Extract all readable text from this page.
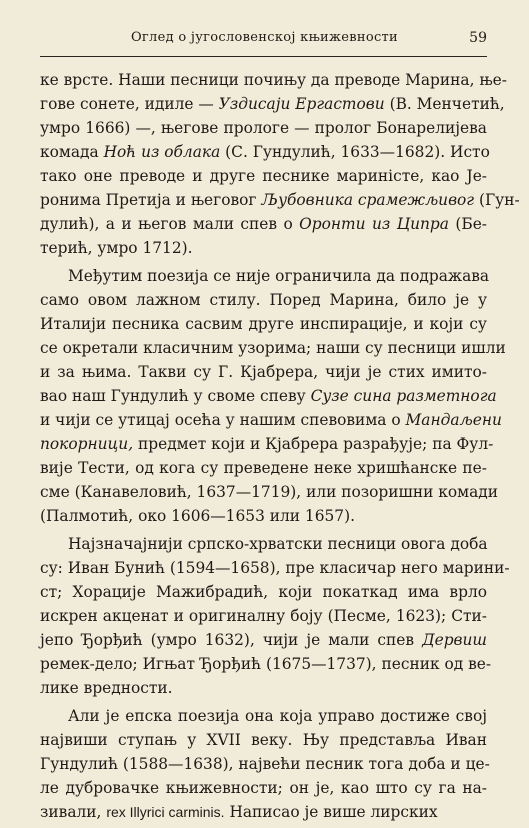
Оглед о југословенској књижевности	59

ке врсте. Наши песници почињу да преводе Марина, ње-
гове сонете, идиле — Уздисаји Ергастови (В. Менчетић,
умро 1666) —, његове прологе — пролог Бонарелијева
комада Ноћ из облака (С. Гундулић, 1633—1682). Исто
тако оне преводе и друге песнике мариністе, као Је-
ронима Претија и његовог Љубовника срамежљивог (Гун-
дулић), а и његов мали спев о Оронти из Ципра (Бе-
терић, умро 1712).

Међутим поезија се није ограничила да подражава
само овом лажном стилу. Поред Марина, било је у
Италији песника сасвим друге инспирације, и који су
се окретали класичним узорима; наши су песници ишли
и за њима. Такви су Г. Кјабрера, чији је стих имито-
вао наш Гундулић у своме спеву Сузе сина разметнога
и чији се утицај осећа у нашим спевовима о Мандаљени
покорници, предмет који и Кјабрера разрађује; па Фул-
вије Тести, од кога су преведене неке хришћанске пе-
сме (Канавеловић, 1637—1719), или позоришни комади
(Палмотић, око 1606—1653 или 1657).

Најзначајнији српско-хрватски песници овога доба
су: Иван Бунић (1594—1658), пре класичар него марини-
ст; Хорације Мажибрадић, који покаткад има врло
искрен акценат и оригиналну боју (Песме, 1623); Сти-
јепо Ђорђић (умро 1632), чији је мали спев Дервиш
ремек-дело; Игњат Ђорђић (1675—1737), песник од ве-
лике вредности.

Али је епска поезија она која управо достиже свој
највиши ступањ у XVII веку. Њу представља Иван
Гундулић (1588—1638), највећи песник тога доба и це-
ле дубровачке књижевности; он је, као што су га на-
зивали, rex Illyrici carminis. Написао је више лирских
